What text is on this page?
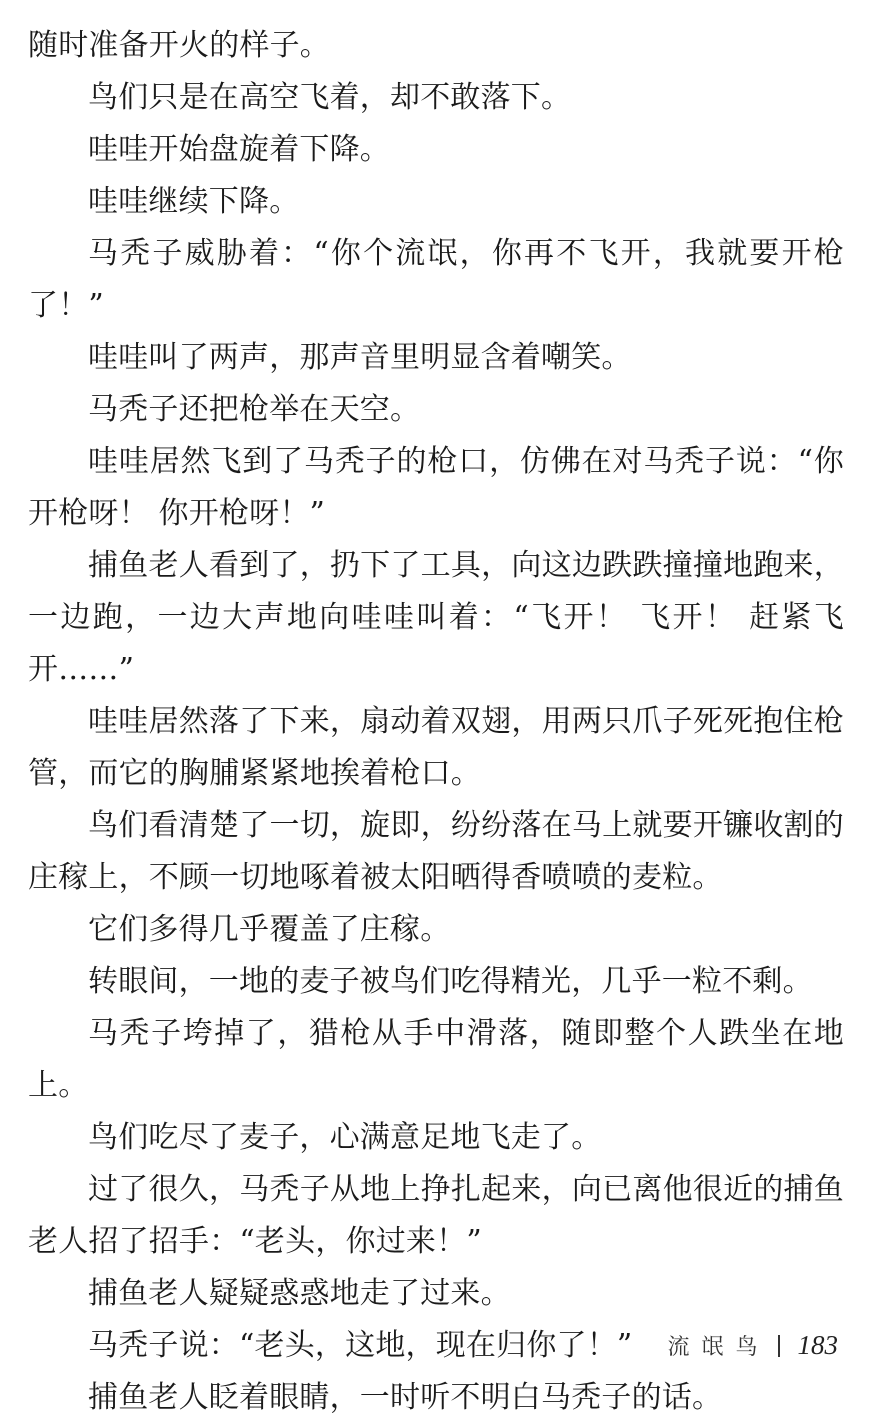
随时准备开火的样子。

鸟们只是在高空飞着，却不敢落下。

哇哇开始盘旋着下降。

哇哇继续下降。

马秃子威胁着：“你个流氓，你再不飞开，我就要开枪了！”

哇哇叫了两声，那声音里明显含着嘲笑。

马秃子还把枪举在天空。

哇哇居然飞到了马秃子的枪口，仿佛在对马秃子说：“你开枪呀！ 你开枪呀！”

捕鱼老人看到了，扔下了工具，向这边跌跌撞撞地跑来，一边跑，一边大声地向哇哇叫着：“飞开！ 飞开！ 赶紧飞开……”

哇哇居然落了下来，扇动着双翅，用两只爪子死死抱住枪管，而它的胸脯紧紧地挨着枪口。

鸟们看清楚了一切，旋即，纷纷落在马上就要开镰收割的庄稼上，不顾一切地啄着被太阳晒得香喷喷的麦粒。

它们多得几乎覆盖了庄稼。

转眼间，一地的麦子被鸟们吃得精光，几乎一粒不剩。

马秃子垮掉了，猎枪从手中滑落，随即整个人跌坐在地上。

鸟们吃尽了麦子，心满意足地飞走了。

过了很久，马秃子从地上挣扎起来，向已离他很近的捕鱼老人招了招手：“老头，你过来！”

捕鱼老人疑疑惑惑地走了过来。

马秃子说：“老头，这地，现在归你了！”

捕鱼老人眨着眼睛，一时听不明白马秃子的话。

流氓鸟 183
